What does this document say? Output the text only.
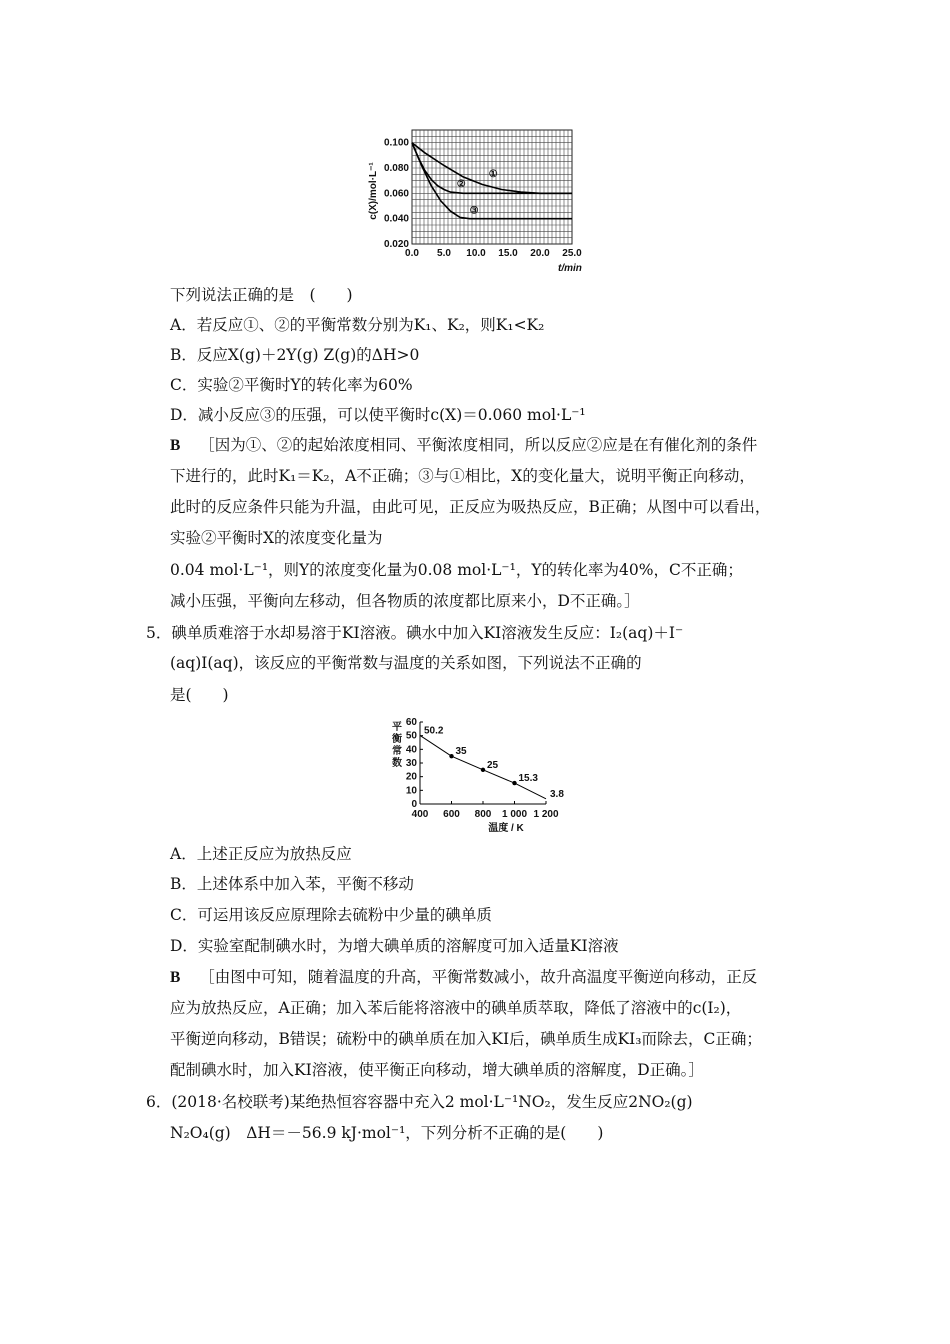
①
②
③
0.100
0.080
0.060
0.040
0.020
0.0 5.0 10.0 15.0 20.0 25.0
c(X)/mol·L⁻¹
t/min
下列说法正确的是　(　　)
A．若反应①、②的平衡常数分别为K₁、K₂，则K₁<K₂
B．反应X(g)＋2Y(g) Z(g)的ΔH>0
C．实验②平衡时Y的转化率为60%
D．减小反应③的压强，可以使平衡时c(X)＝0.060 mol·L⁻¹
B ［因为①、②的起始浓度相同、平衡浓度相同，所以反应②应是在有催化剂的条件
下进行的，此时K₁＝K₂，A不正确；③与①相比，X的变化量大，说明平衡正向移动，
此时的反应条件只能为升温，由此可见，正反应为吸热反应，B正确；从图中可以看出，
实验②平衡时X的浓度变化量为
0.04 mol·L⁻¹，则Y的浓度变化量为0.08 mol·L⁻¹，Y的转化率为40%，C不正确；
减小压强，平衡向左移动，但各物质的浓度都比原来小，D不正确。］
5．碘单质难溶于水却易溶于KI溶液。碘水中加入KI溶液发生反应：I₂(aq)＋I⁻
(aq)I(aq)，该反应的平衡常数与温度的关系如图，下列说法不正确的
是(　　)
60
50
40
30
20
10
0
400 600 800 1 000 1 200
50.2
35
25
15.3
3.8
平衡常数
温度 / K
A．上述正反应为放热反应
B．上述体系中加入苯，平衡不移动
C．可运用该反应原理除去硫粉中少量的碘单质
D．实验室配制碘水时，为增大碘单质的溶解度可加入适量KI溶液
B ［由图中可知，随着温度的升高，平衡常数减小，故升高温度平衡逆向移动，正反
应为放热反应，A正确；加入苯后能将溶液中的碘单质萃取，降低了溶液中的c(I₂)，
平衡逆向移动，B错误；硫粉中的碘单质在加入KI后，碘单质生成KI₃而除去，C正确；
配制碘水时，加入KI溶液，使平衡正向移动，增大碘单质的溶解度，D正确。］
6．(2018·名校联考)某绝热恒容容器中充入2 mol·L⁻¹NO₂，发生反应2NO₂(g)
N₂O₄(g)　ΔH＝－56.9 kJ·mol⁻¹，下列分析不正确的是(　　)
